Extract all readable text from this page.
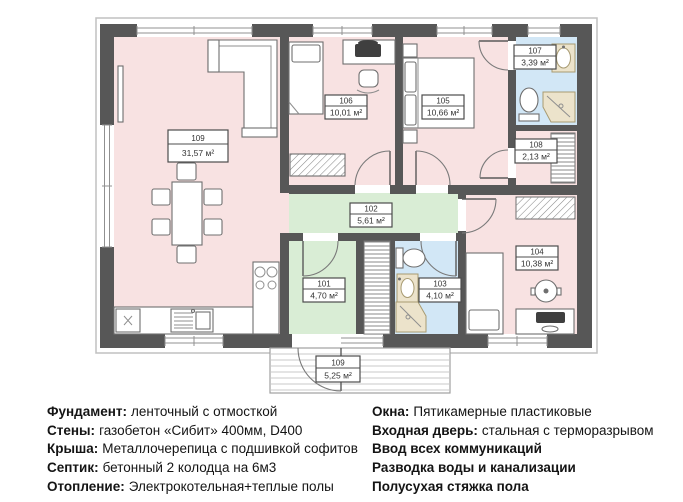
109
31,57 м²
106
10,01 м²
105
10,66 м²
107
3,39 м²
108
2,13 м²
102
5,61 м²
101
4,70 м²
103
4,10 м²
104
10,38 м²
109
5,25 м²
Фундамент: ленточный с отмосткой
Стены: газобетон «Сибит» 400мм, D400
Крыша: Металлочерепица с подшивкой софитов
Септик: бетонный 2 колодца на 6м3
Отопление: Электрокотельная+теплые полы
Окна: Пятикамерные пластиковые
Входная дверь: стальная с терморазрывом
Ввод всех коммуникаций
Разводка воды и канализации
Полусухая стяжка пола
